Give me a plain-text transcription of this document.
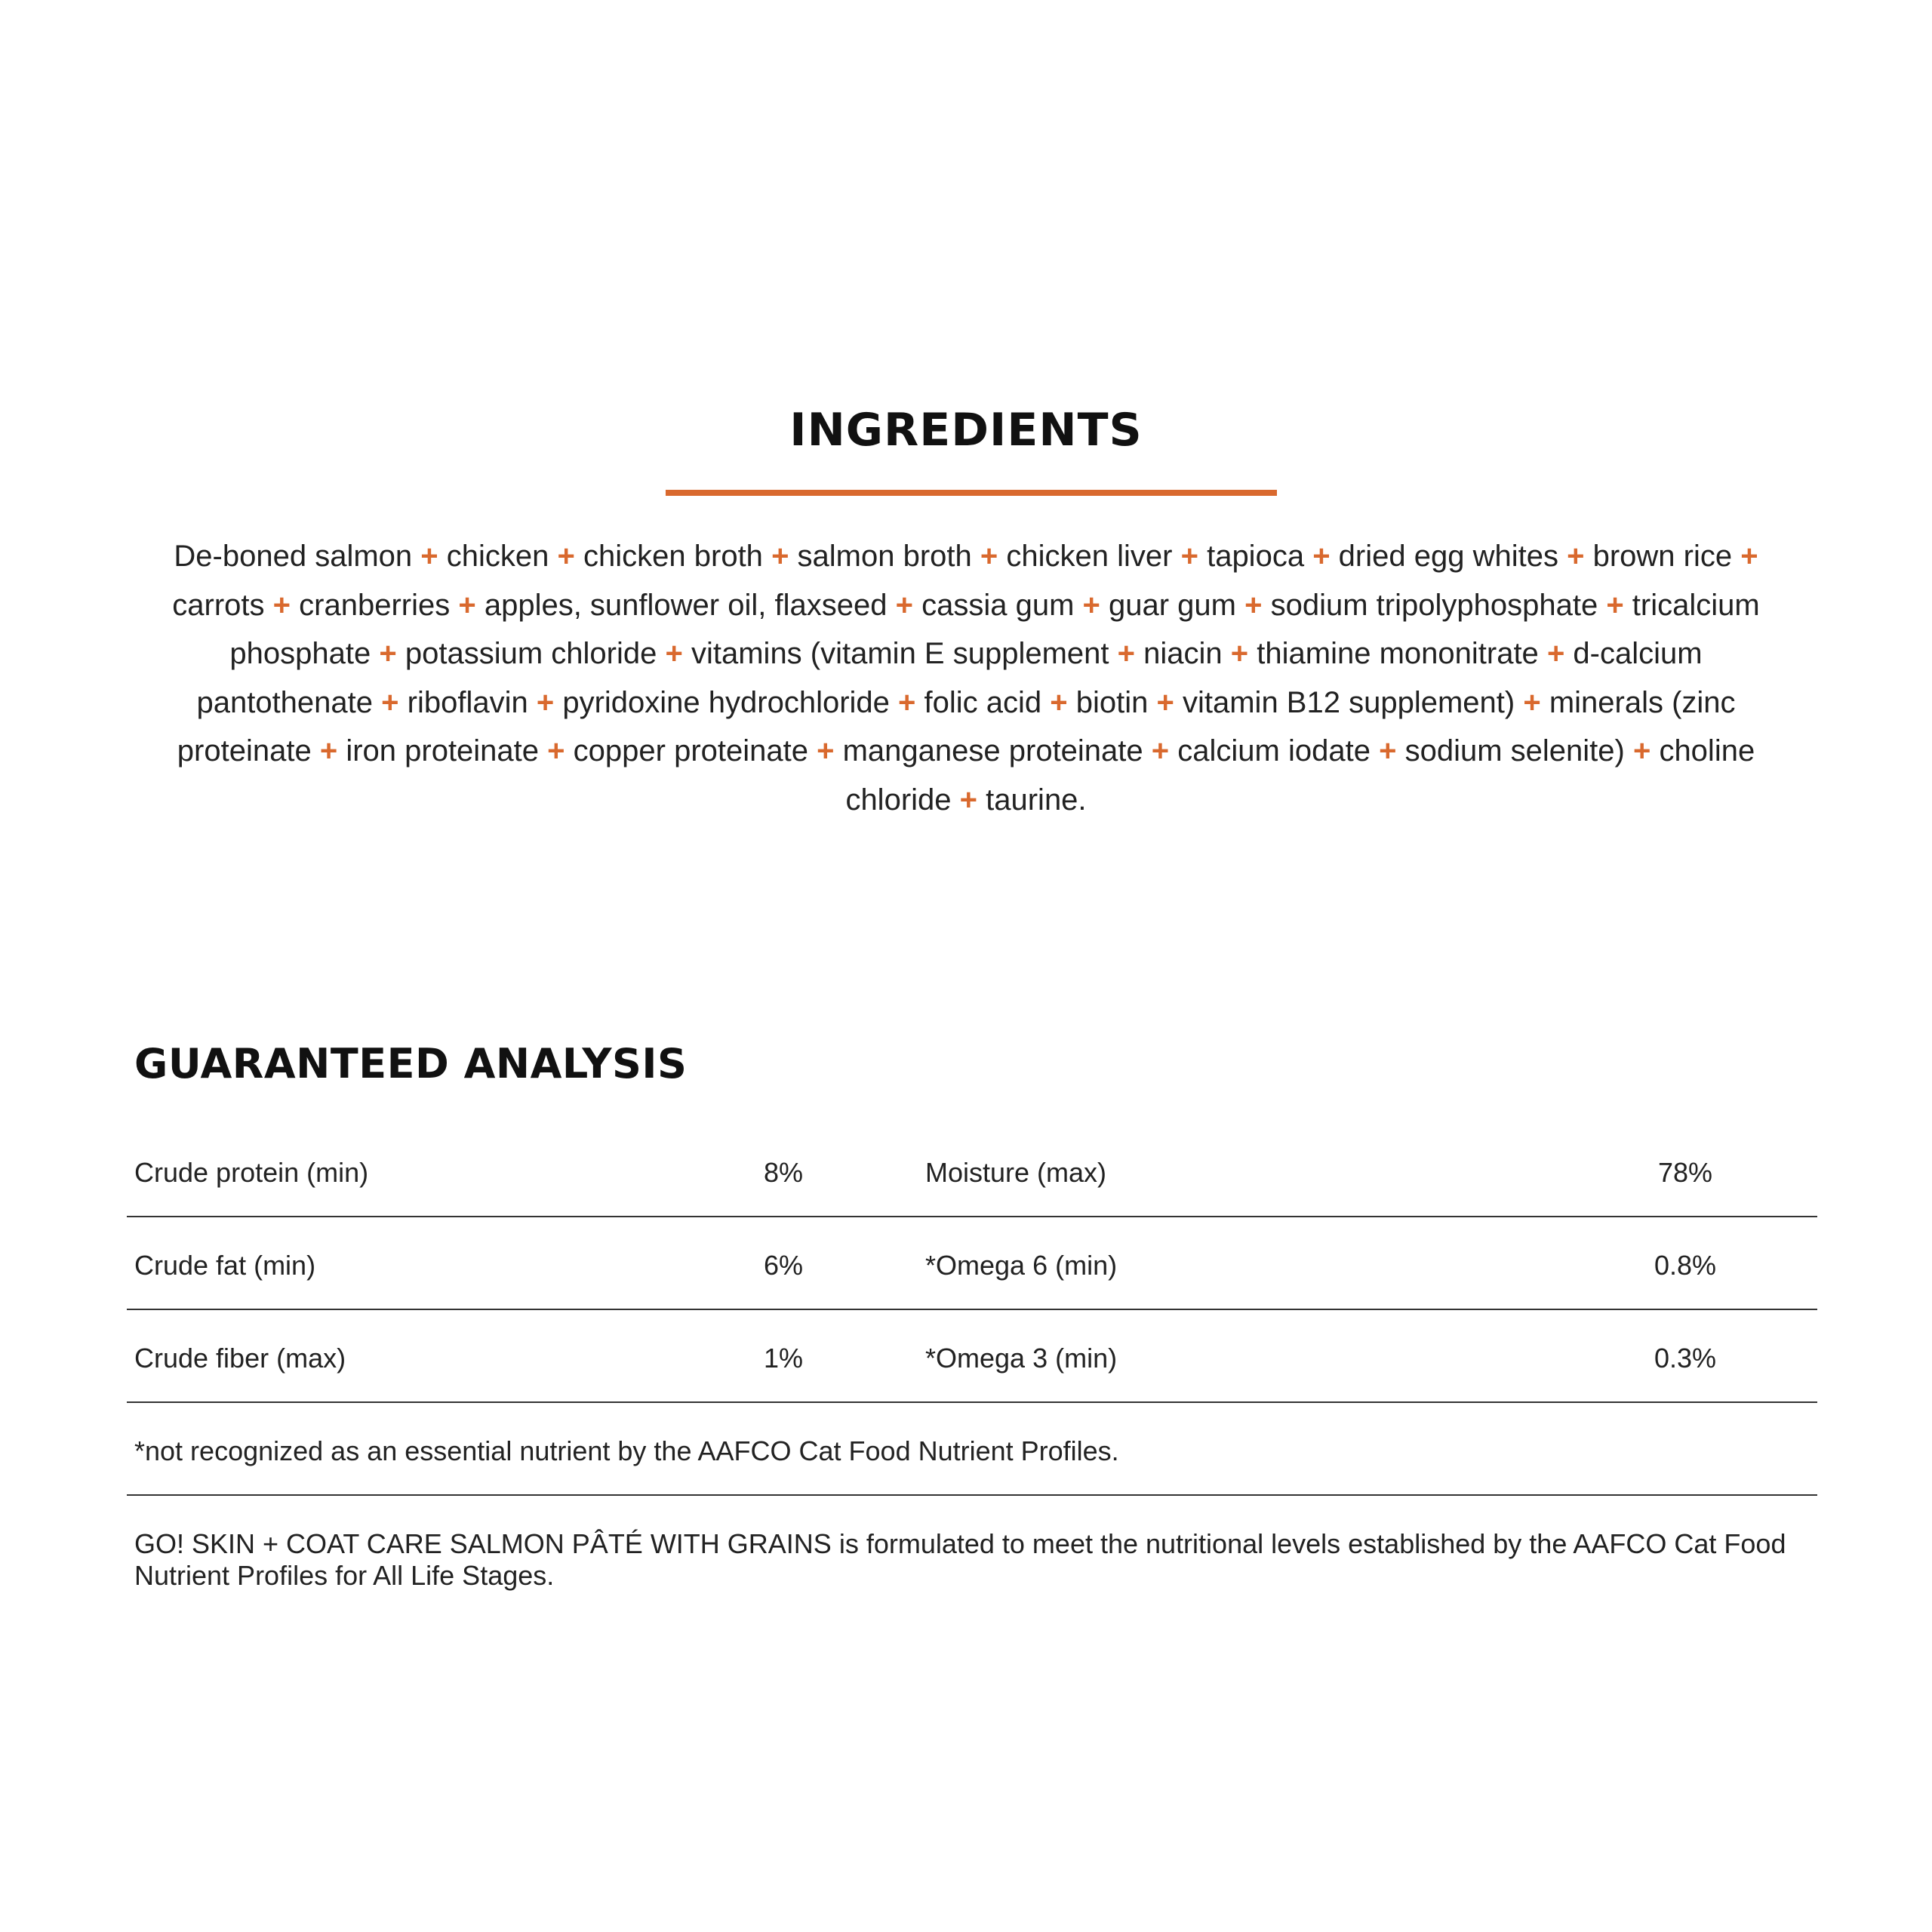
INGREDIENTS
De-boned salmon + chicken + chicken broth + salmon broth + chicken liver + tapioca + dried egg whites + brown rice + carrots + cranberries + apples, sunflower oil, flaxseed + cassia gum + guar gum + sodium tripolyphosphate + tricalcium phosphate + potassium chloride + vitamins (vitamin E supplement + niacin + thiamine mononitrate + d-calcium pantothenate + riboflavin + pyridoxine hydrochloride + folic acid + biotin + vitamin B12 supplement) + minerals (zinc proteinate + iron proteinate + copper proteinate + manganese proteinate + calcium iodate + sodium selenite) + choline chloride + taurine.
GUARANTEED ANALYSIS
Crude protein (min)	8%	Moisture (max)	78%
Crude fat (min)	6%	*Omega 6 (min)	0.8%
Crude fiber (max)	1%	*Omega 3 (min)	0.3%
*not recognized as an essential nutrient by the AAFCO Cat Food Nutrient Profiles.
GO! SKIN + COAT CARE SALMON PÂTÉ WITH GRAINS is formulated to meet the nutritional levels established by the AAFCO Cat Food Nutrient Profiles for All Life Stages.
